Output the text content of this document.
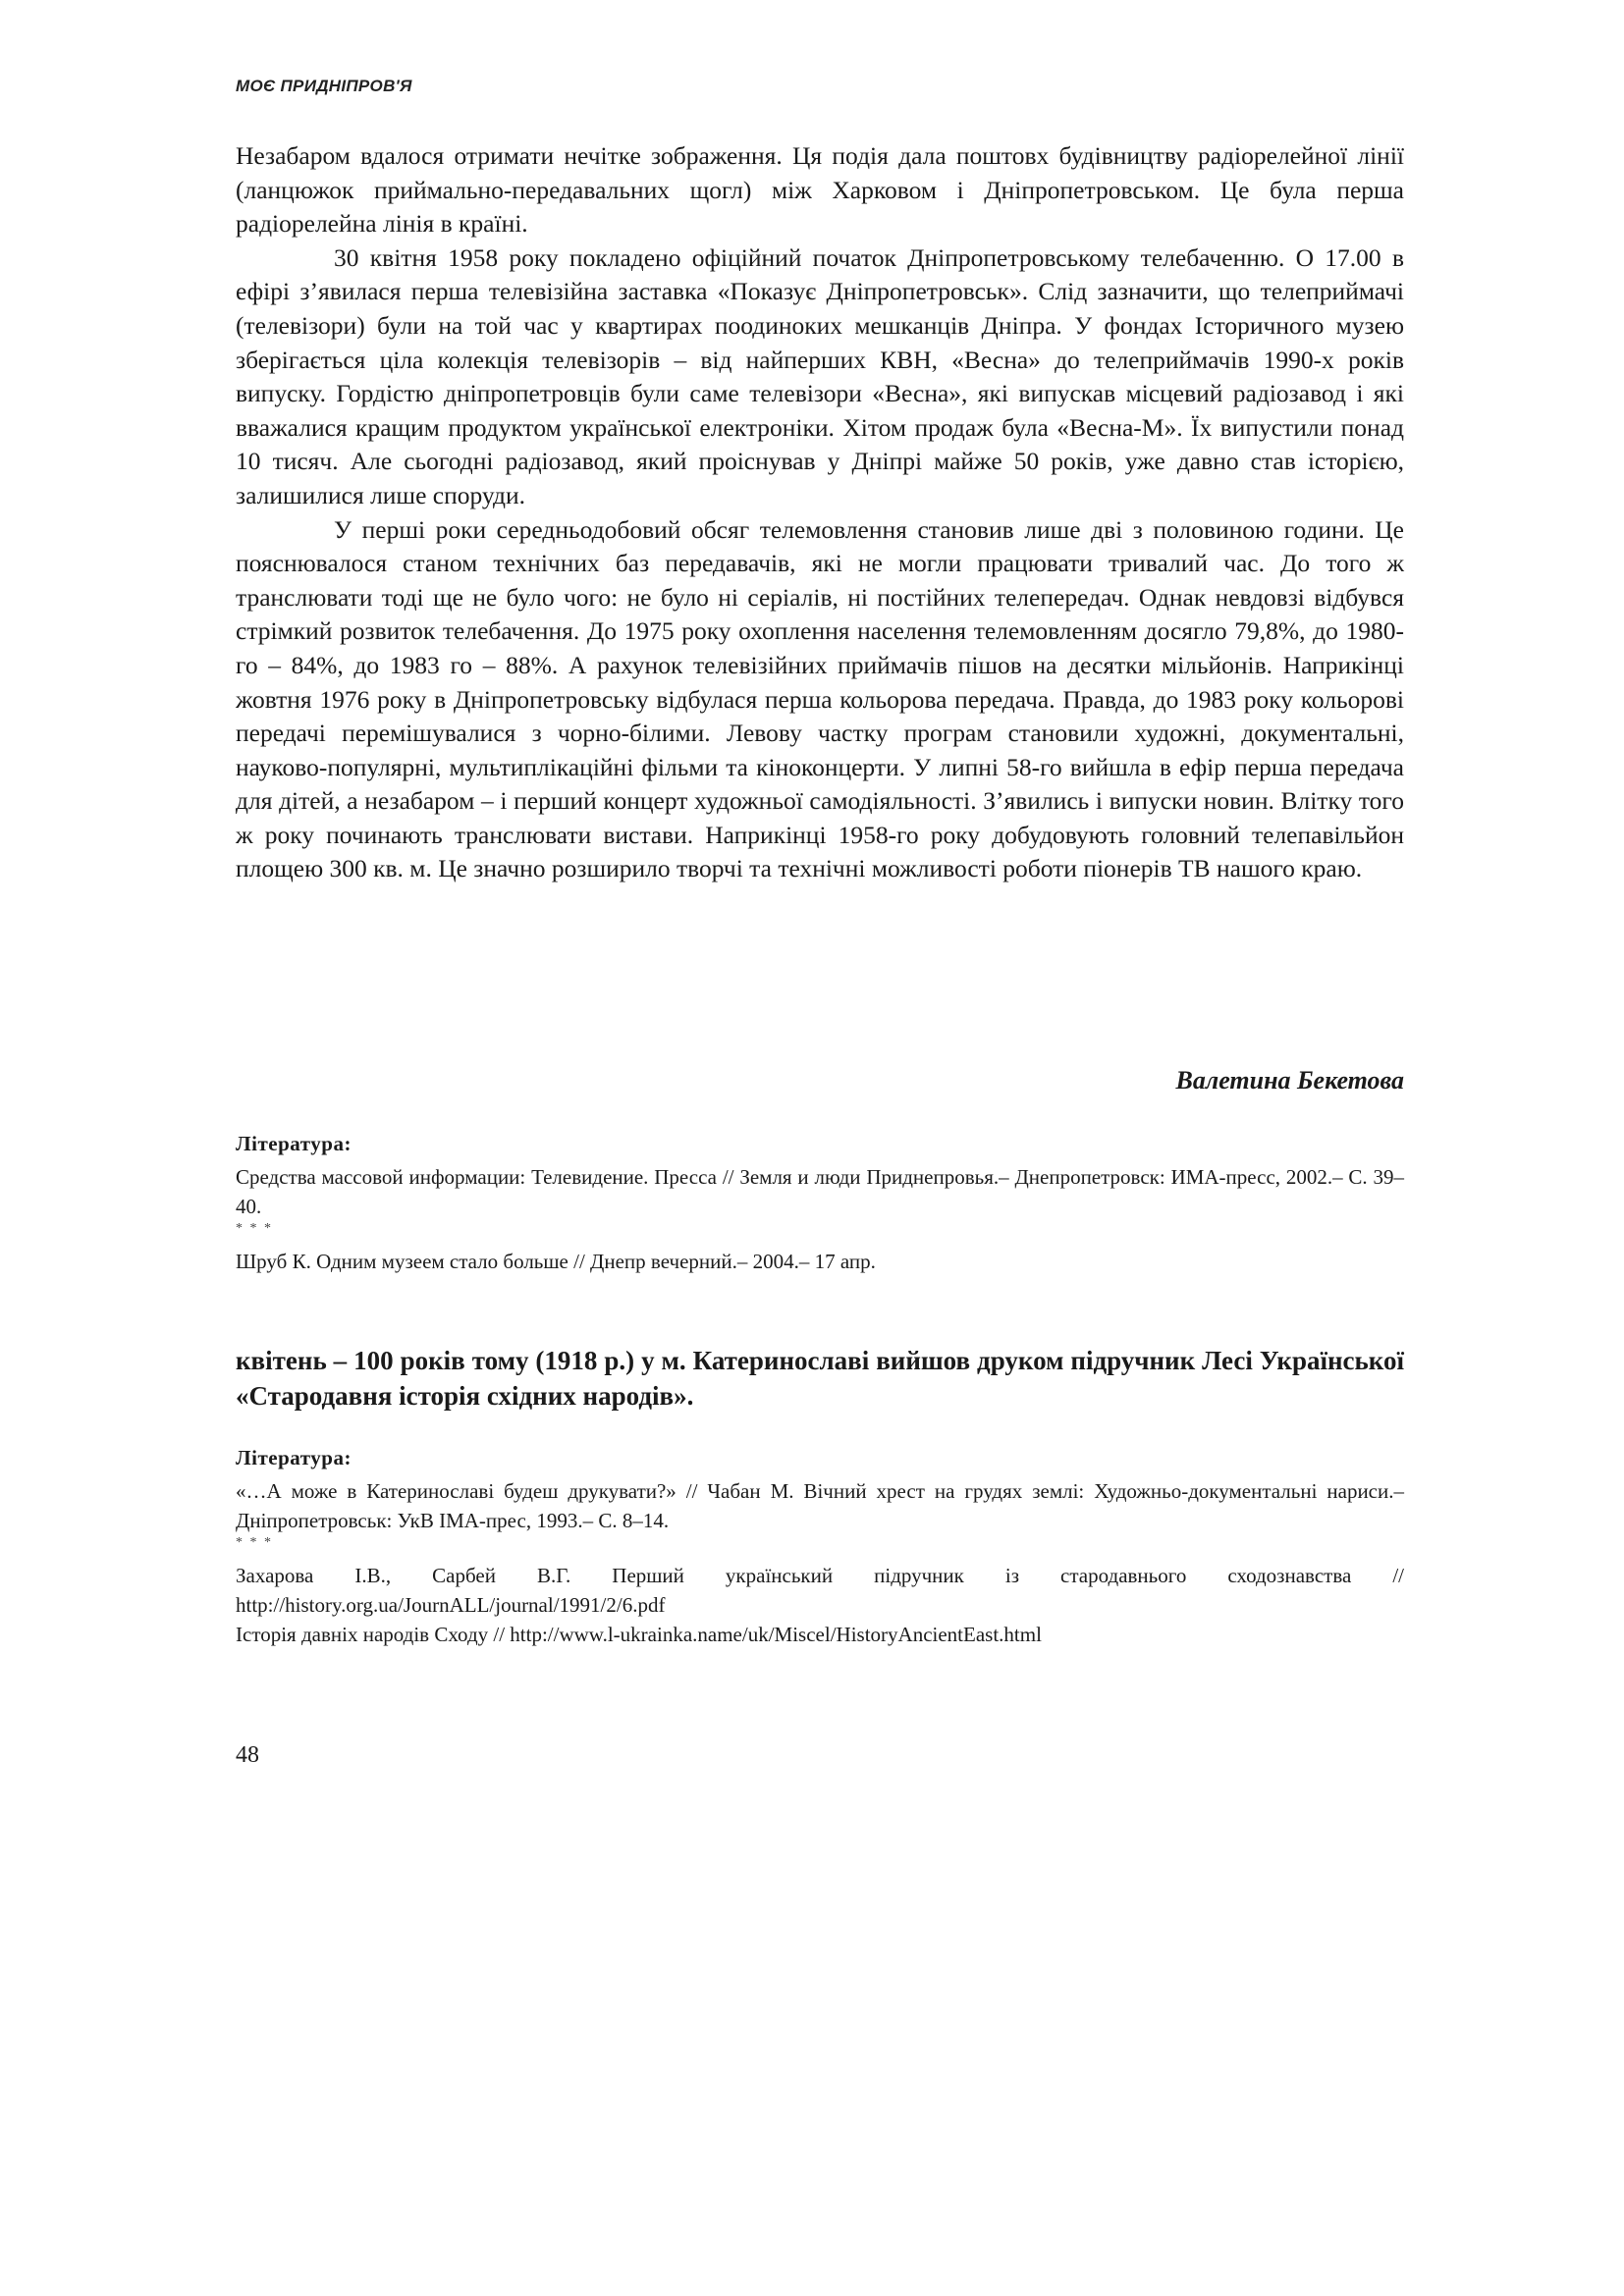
МОЄ ПРИДНІПРОВ'Я

Незабаром вдалося отримати нечітке зображення. Ця подія дала поштовх будівництву радіорелейної лінії (ланцюжок приймально-передавальних щогл) між Харковом і Дніпропетровськом. Це була перша радіорелейна лінія в країні.

30 квітня 1958 року покладено офіційний початок Дніпропетровському телебаченню. О 17.00 в ефірі з’явилася перша телевізійна заставка «Показує Дніпропетровськ». Слід зазначити, що телеприймачі (телевізори) були на той час у квартирах поодиноких мешканців Дніпра. У фондах Історичного музею зберігається ціла колекція телевізорів – від найперших КВН, «Весна» до телеприймачів 1990-х років випуску. Гордістю дніпропетровців були саме телевізори «Весна», які випускав місцевий радіозавод і які вважалися кращим продуктом української електроніки. Хітом продаж була «Весна-М». Їх випустили понад 10 тисяч. Але сьогодні радіозавод, який проіснував у Дніпрі майже 50 років, уже давно став історією, залишилися лише споруди.

У перші роки середньодобовий обсяг телемовлення становив лише дві з половиною години. Це пояснювалося станом технічних баз передавачів, які не могли працювати тривалий час. До того ж транслювати тоді ще не було чого: не було ні серіалів, ні постійних телепередач. Однак невдовзі відбувся стрімкий розвиток телебачення. До 1975 року охоплення населення телемовленням досягло 79,8%, до 1980-го – 84%, до 1983 го – 88%. А рахунок телевізійних приймачів пішов на десятки мільйонів. Наприкінці жовтня 1976 року в Дніпропетровську відбулася перша кольорова передача. Правда, до 1983 року кольорові передачі перемішувалися з чорно-білими. Левову частку програм становили художні, документальні, науково-популярні, мультиплікаційні фільми та кіноконцерти. У липні 58-го вийшла в ефір перша передача для дітей, а незабаром – і перший концерт художньої самодіяльності. З’явились і випуски новин. Влітку того ж року починають транслювати вистави. Наприкінці 1958-го року добудовують головний телепавільйон площею 300 кв. м. Це значно розширило творчі та технічні можливості роботи піонерів ТВ нашого краю.

Валетина Бекетова

Література:

Средства массовой информации: Телевидение. Пресса // Земля и люди Приднепровья.– Днепропетровск: ИМА-пресс, 2002.– С. 39–40.

* * *

Шруб К. Одним музеем стало больше // Днепр вечерний.– 2004.– 17 апр.

квітень – 100 років тому (1918 р.) у м. Катеринославі вийшов друком підручник Лесі Української «Стародавня історія східних народів».

Література:

«…А може в Катеринославі будеш друкувати?» // Чабан М. Вічний хрест на грудях землі: Художньо-документальні нариси.– Дніпропетровськ: УкВ ІМА-прес, 1993.– С. 8–14.

* * *

Захарова І.В., Сарбей В.Г. Перший український підручник із стародавнього сходознавства // http://history.org.ua/JournALL/journal/1991/2/6.pdf

Історія давніх народів Сходу // http://www.l-ukrainka.name/uk/Miscel/HistoryAncientEast.html

48
